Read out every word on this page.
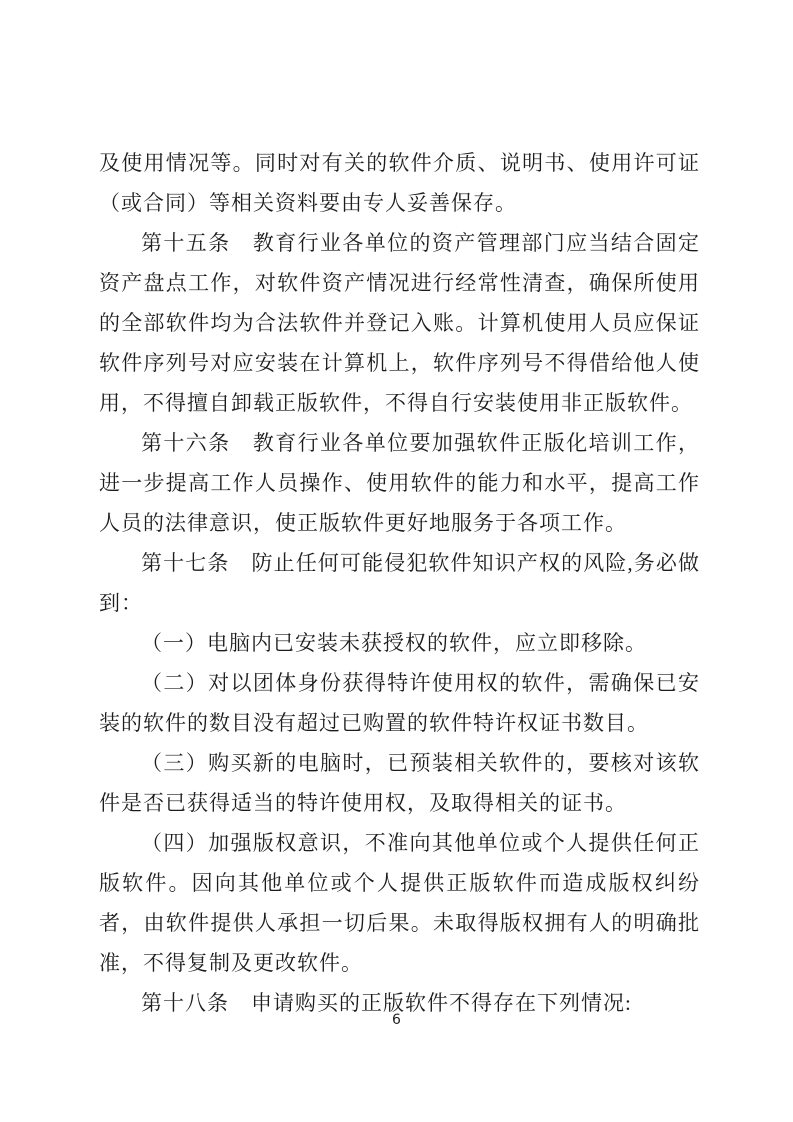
及使用情况等。同时对有关的软件介质、说明书、使用许可证（或合同）等相关资料要由专人妥善保存。

第十五条　教育行业各单位的资产管理部门应当结合固定资产盘点工作，对软件资产情况进行经常性清查，确保所使用的全部软件均为合法软件并登记入账。计算机使用人员应保证软件序列号对应安装在计算机上，软件序列号不得借给他人使用，不得擅自卸载正版软件，不得自行安装使用非正版软件。

第十六条　教育行业各单位要加强软件正版化培训工作，进一步提高工作人员操作、使用软件的能力和水平，提高工作人员的法律意识，使正版软件更好地服务于各项工作。

第十七条　防止任何可能侵犯软件知识产权的风险,务必做到：

（一）电脑内已安装未获授权的软件，应立即移除。

（二）对以团体身份获得特许使用权的软件，需确保已安装的软件的数目没有超过已购置的软件特许权证书数目。

（三）购买新的电脑时，已预装相关软件的，要核对该软件是否已获得适当的特许使用权，及取得相关的证书。

（四）加强版权意识，不准向其他单位或个人提供任何正版软件。因向其他单位或个人提供正版软件而造成版权纠纷者，由软件提供人承担一切后果。未取得版权拥有人的明确批准，不得复制及更改软件。

第十八条　申请购买的正版软件不得存在下列情况:

6
